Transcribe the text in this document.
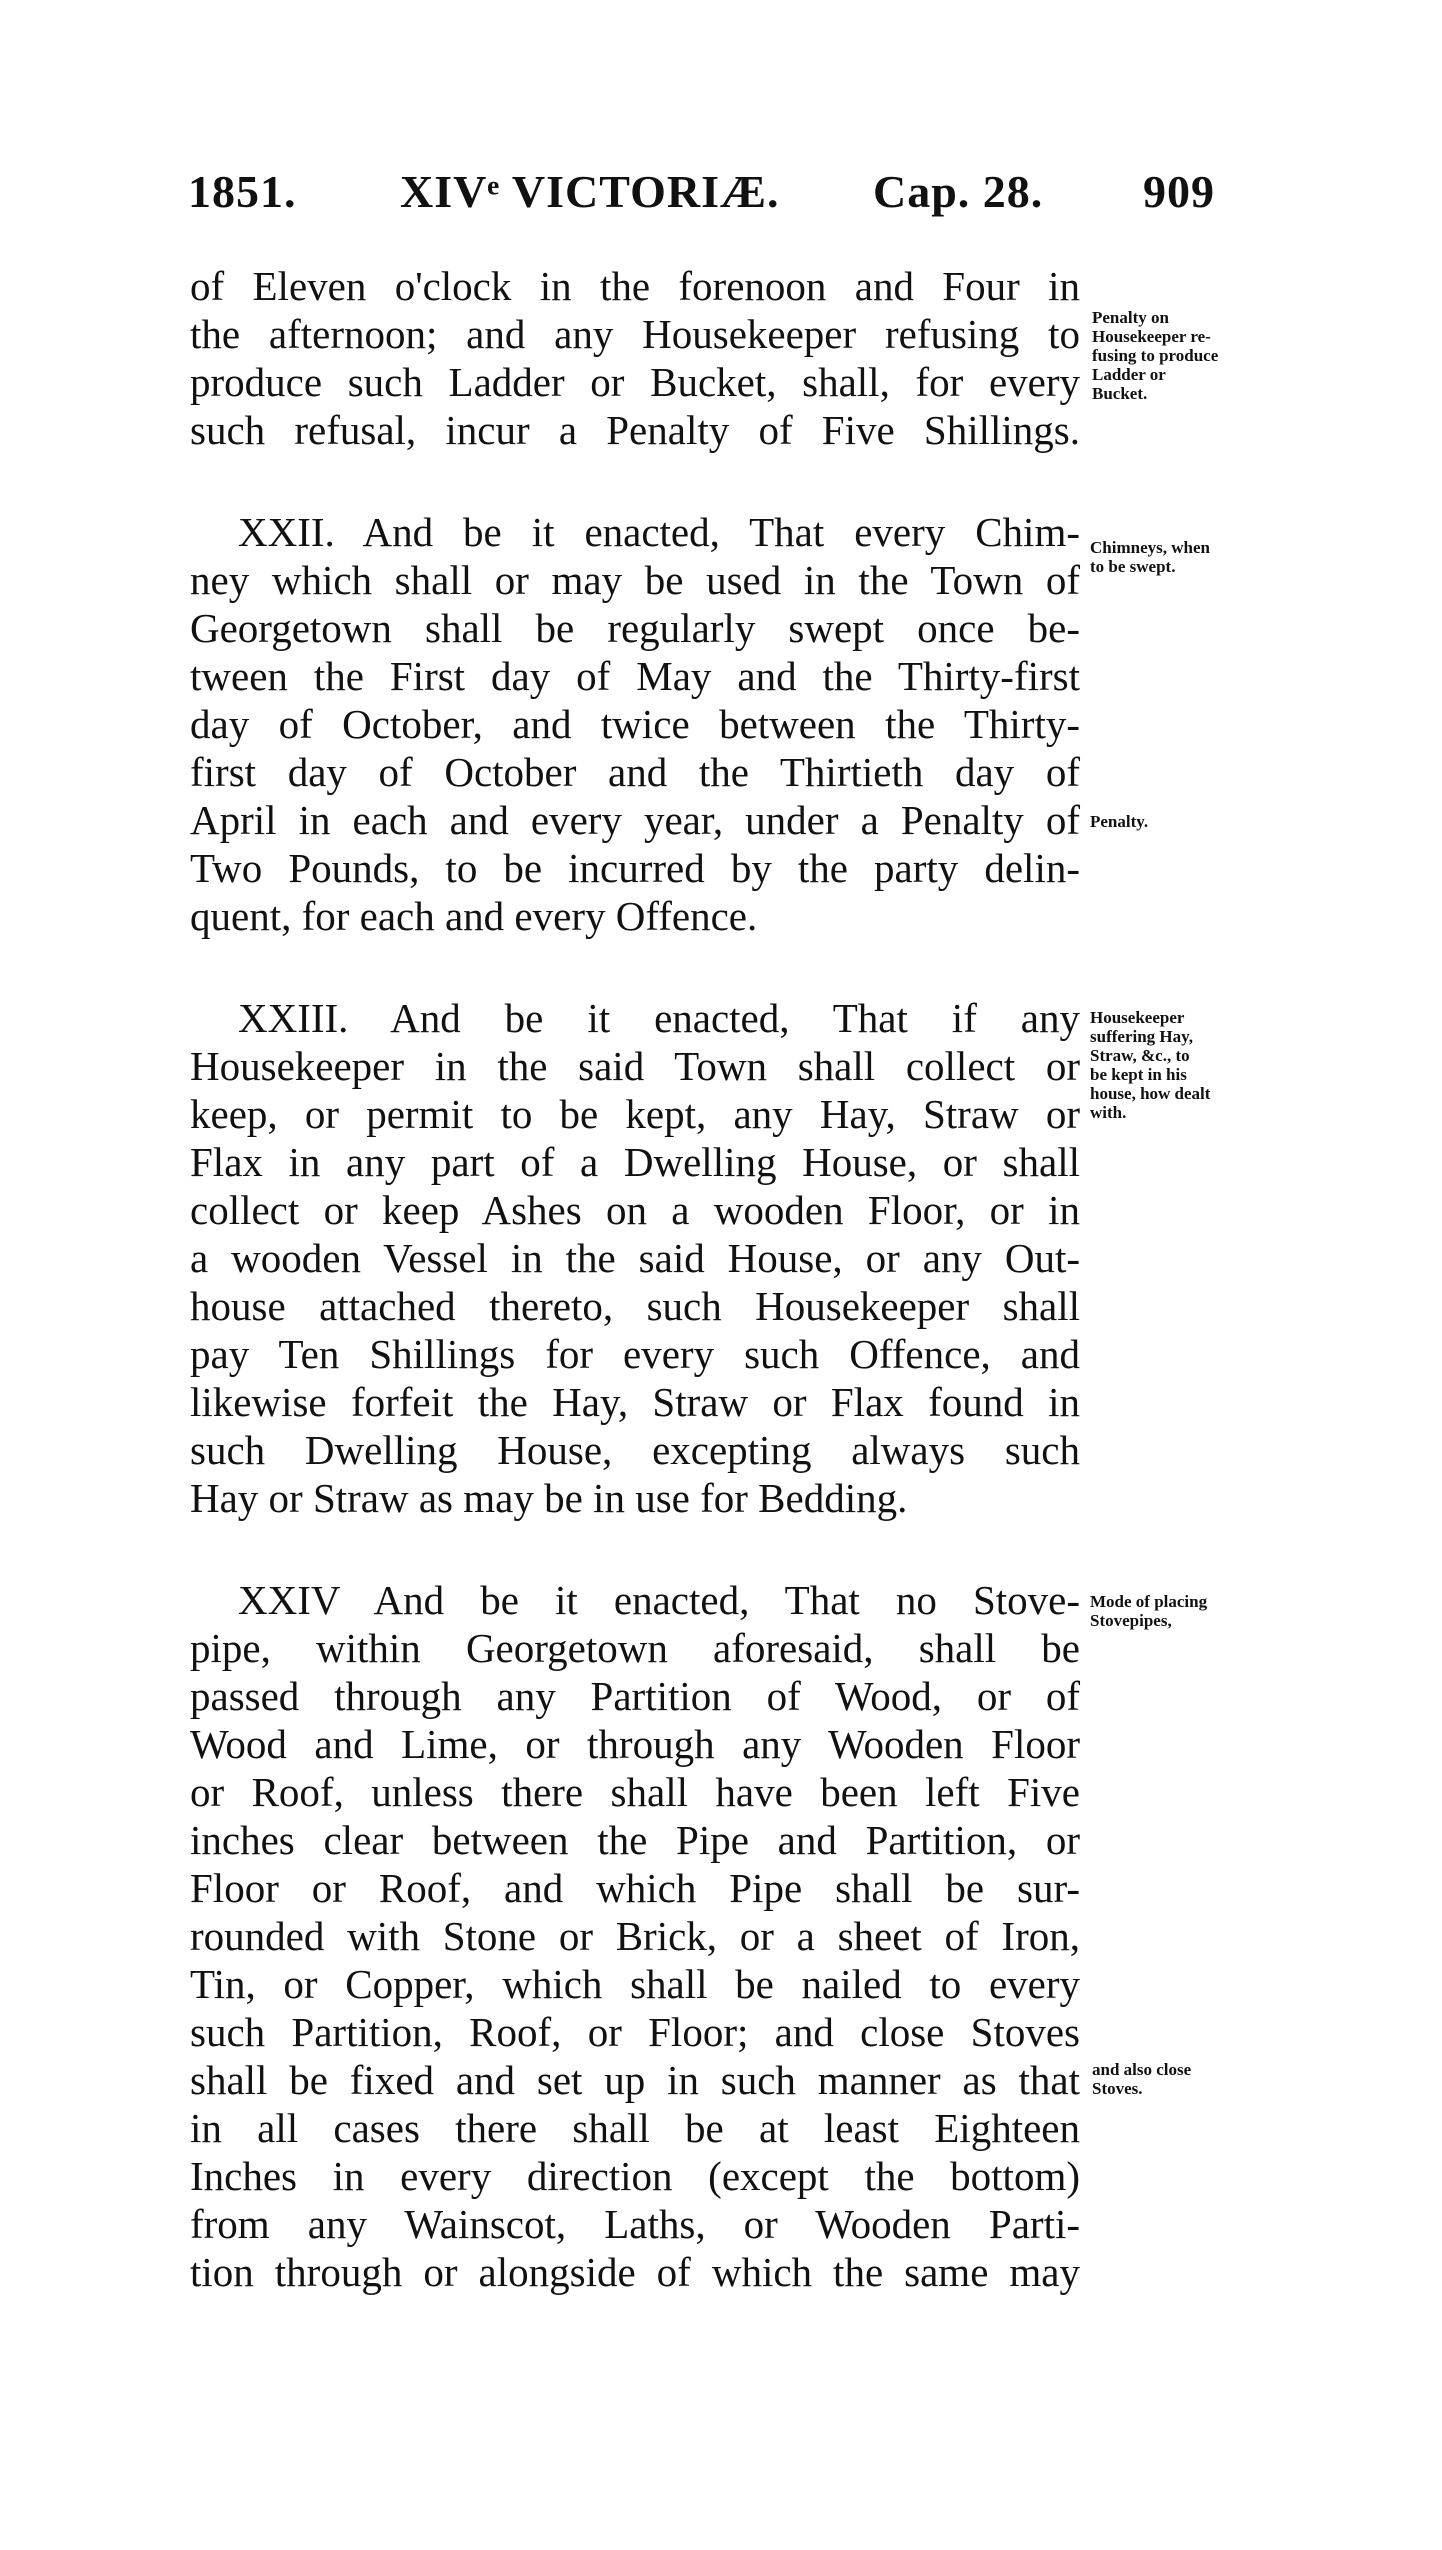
1851. XIVᵉ VICTORIÆ. Cap. 28. 909
of Eleven o'clock in the forenoon and Four in
the afternoon; and any Housekeeper refusing to
produce such Ladder or Bucket, shall, for every
such refusal, incur a Penalty of Five Shillings.
XXII. And be it enacted, That every Chim-
ney which shall or may be used in the Town of
Georgetown shall be regularly swept once be-
tween the First day of May and the Thirty-first
day of October, and twice between the Thirty-
first day of October and the Thirtieth day of
April in each and every year, under a Penalty of
Two Pounds, to be incurred by the party delin-
quent, for each and every Offence.
XXIII. And be it enacted, That if any
Housekeeper in the said Town shall collect or
keep, or permit to be kept, any Hay, Straw or
Flax in any part of a Dwelling House, or shall
collect or keep Ashes on a wooden Floor, or in
a wooden Vessel in the said House, or any Out-
house attached thereto, such Housekeeper shall
pay Ten Shillings for every such Offence, and
likewise forfeit the Hay, Straw or Flax found in
such Dwelling House, excepting always such
Hay or Straw as may be in use for Bedding.
XXIV And be it enacted, That no Stove-
pipe, within Georgetown aforesaid, shall be
passed through any Partition of Wood, or of
Wood and Lime, or through any Wooden Floor
or Roof, unless there shall have been left Five
inches clear between the Pipe and Partition, or
Floor or Roof, and which Pipe shall be sur-
rounded with Stone or Brick, or a sheet of Iron,
Tin, or Copper, which shall be nailed to every
such Partition, Roof, or Floor; and close Stoves
shall be fixed and set up in such manner as that
in all cases there shall be at least Eighteen
Inches in every direction (except the bottom)
from any Wainscot, Laths, or Wooden Parti-
tion through or alongside of which the same may
Penalty on
Housekeeper re-
fusing to produce
Ladder or
Bucket.
Chimneys, when
to be swept.
Penalty.
Housekeeper
suffering Hay,
Straw, &c., to
be kept in his
house, how dealt
with.
Mode of placing
Stovepipes,
and also close
Stoves.
